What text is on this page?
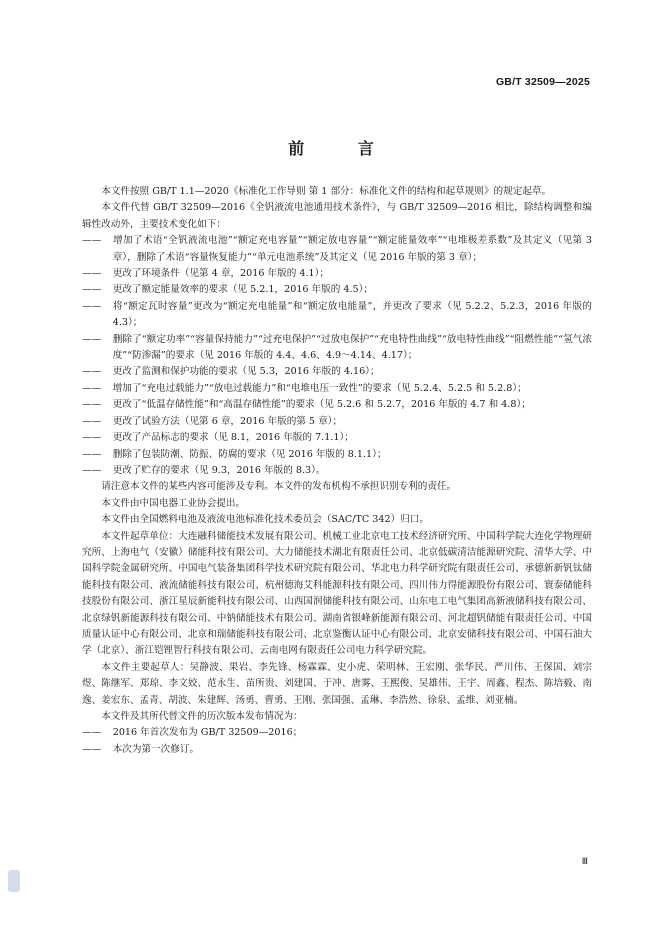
GB/T 32509—2025
前 言

本文件按照 GB/T 1.1—2020《标准化工作导则 第 1 部分：标准化文件的结构和起草规则》的规定起草。

本文件代替 GB/T 32509—2016《全钒液流电池通用技术条件》，与 GB/T 32509—2016 相比，除结构调整和编辑性改动外，主要技术变化如下：

—— 增加了术语“全钒液流电池”“额定充电容量”“额定放电容量”“额定能量效率”“电堆极差系数”及其定义（见第 3 章），删除了术语“容量恢复能力”“单元电池系统”及其定义（见 2016 年版的第 3 章）；

—— 更改了环境条件（见第 4 章，2016 年版的 4.1）；

—— 更改了额定能量效率的要求（见 5.2.1，2016 年版的 4.5）；

—— 将“额定瓦时容量”更改为“额定充电能量”和“额定放电能量”，并更改了要求（见 5.2.2、5.2.3，2016 年版的 4.3）；

—— 删除了“额定功率”“容量保持能力”“过充电保护”“过放电保护”“充电特性曲线”“放电特性曲线”“阻燃性能”“氢气浓度”“防渗漏”的要求（见 2016 年版的 4.4、4.6、4.9～4.14、4.17）；

—— 更改了监测和保护功能的要求（见 5.3，2016 年版的 4.16）；

—— 增加了“充电过载能力”“放电过载能力”和“电堆电压一致性”的要求（见 5.2.4、5.2.5 和 5.2.8）；

—— 更改了“低温存储性能”和“高温存储性能”的要求（见 5.2.6 和 5.2.7，2016 年版的 4.7 和 4.8）；

—— 更改了试验方法（见第 6 章，2016 年版的第 5 章）；

—— 更改了产品标志的要求（见 8.1，2016 年版的 7.1.1）；

—— 删除了包装防潮、防振、防腐的要求（见 2016 年版的 8.1.1）；

—— 更改了贮存的要求（见 9.3，2016 年版的 8.3）。

请注意本文件的某些内容可能涉及专利。本文件的发布机构不承担识别专利的责任。

本文件由中国电器工业协会提出。

本文件由全国燃料电池及液流电池标准化技术委员会（SAC/TC 342）归口。

本文件起草单位：大连融科储能技术发展有限公司、机械工业北京电工技术经济研究所、中国科学院大连化学物理研究所、上海电气（安徽）储能科技有限公司、大力储能技术湖北有限责任公司、北京低碳清洁能源研究院、清华大学、中国科学院金属研究所、中国电气装备集团科学技术研究院有限公司、华北电力科学研究院有限责任公司、承德新新钒钛储能科技有限公司、液流储能科技有限公司、杭州德海艾科能源科技有限公司、四川伟力得能源股份有限公司、寰泰储能科技股份有限公司、浙江星辰新能科技有限公司、山西国润储能科技有限公司、山东电工电气集团高新液储科技有限公司、北京绿钒新能源科技有限公司、中钠储能技术有限公司、湖南省银峰新能源有限公司、河北超钒储能有限责任公司、中国质量认证中心有限公司、北京和瑞储能科技有限公司、北京鉴衡认证中心有限公司、北京安储科技有限公司、中国石油大学（北京）、浙江铠锂智行科技有限公司、云南电网有限责任公司电力科学研究院。

本文件主要起草人：吴静波、果岩、李先锋、杨霖霖、史小虎、荣明林、王宏刚、张华民、严川伟、王保国、刘宗煜、陈继军、郑琼、李文姣、范永生、苗所贵、刘建国、于冲、唐雾、王熙俊、吴雄伟、王宇、周鑫、程杰、陈培毅、南逸、姜宏东、孟青、胡波、朱建辉、汤勇、曹勇、王刚、张国强、孟琳、李浩然、徐泉、孟维、刘亚楠。

本文件及其所代替文件的历次版本发布情况为：

—— 2016 年首次发布为 GB/T 32509—2016；

—— 本次为第一次修订。

Ⅲ
